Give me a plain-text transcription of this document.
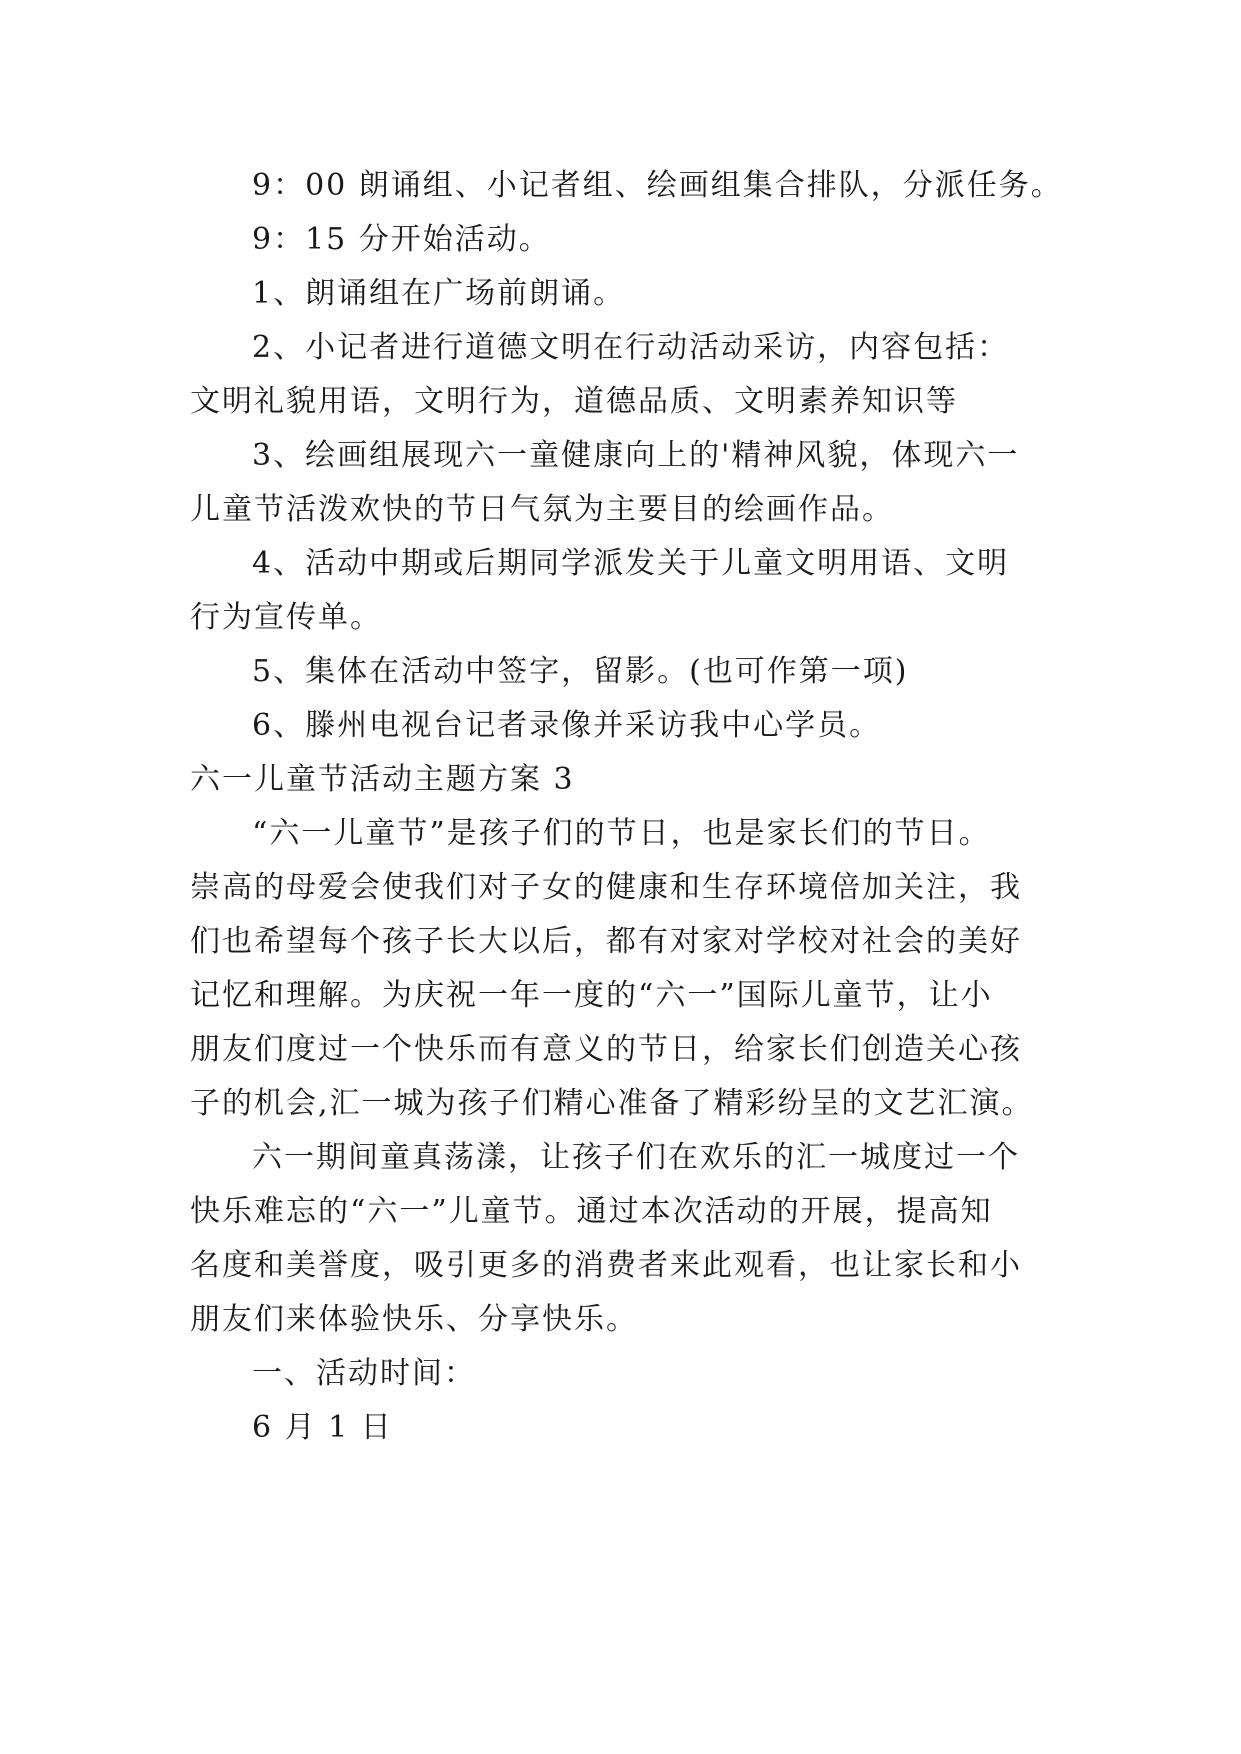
9：00 朗诵组、小记者组、绘画组集合排队，分派任务。
9：15 分开始活动。
1、朗诵组在广场前朗诵。
2、小记者进行道德文明在行动活动采访，内容包括：
文明礼貌用语，文明行为，道德品质、文明素养知识等
3、绘画组展现六一童健康向上的'精神风貌，体现六一
儿童节活泼欢快的节日气氛为主要目的绘画作品。
4、活动中期或后期同学派发关于儿童文明用语、文明
行为宣传单。
5、集体在活动中签字，留影。(也可作第一项)
6、滕州电视台记者录像并采访我中心学员。
六一儿童节活动主题方案 3
“六一儿童节”是孩子们的节日，也是家长们的节日。
崇高的母爱会使我们对子女的健康和生存环境倍加关注，我
们也希望每个孩子长大以后，都有对家对学校对社会的美好
记忆和理解。为庆祝一年一度的“六一”国际儿童节，让小
朋友们度过一个快乐而有意义的节日，给家长们创造关心孩
子的机会,汇一城为孩子们精心准备了精彩纷呈的文艺汇演。
六一期间童真荡漾，让孩子们在欢乐的汇一城度过一个
快乐难忘的“六一”儿童节。通过本次活动的开展，提高知
名度和美誉度，吸引更多的消费者来此观看，也让家长和小
朋友们来体验快乐、分享快乐。
一、活动时间：
6 月 1 日
